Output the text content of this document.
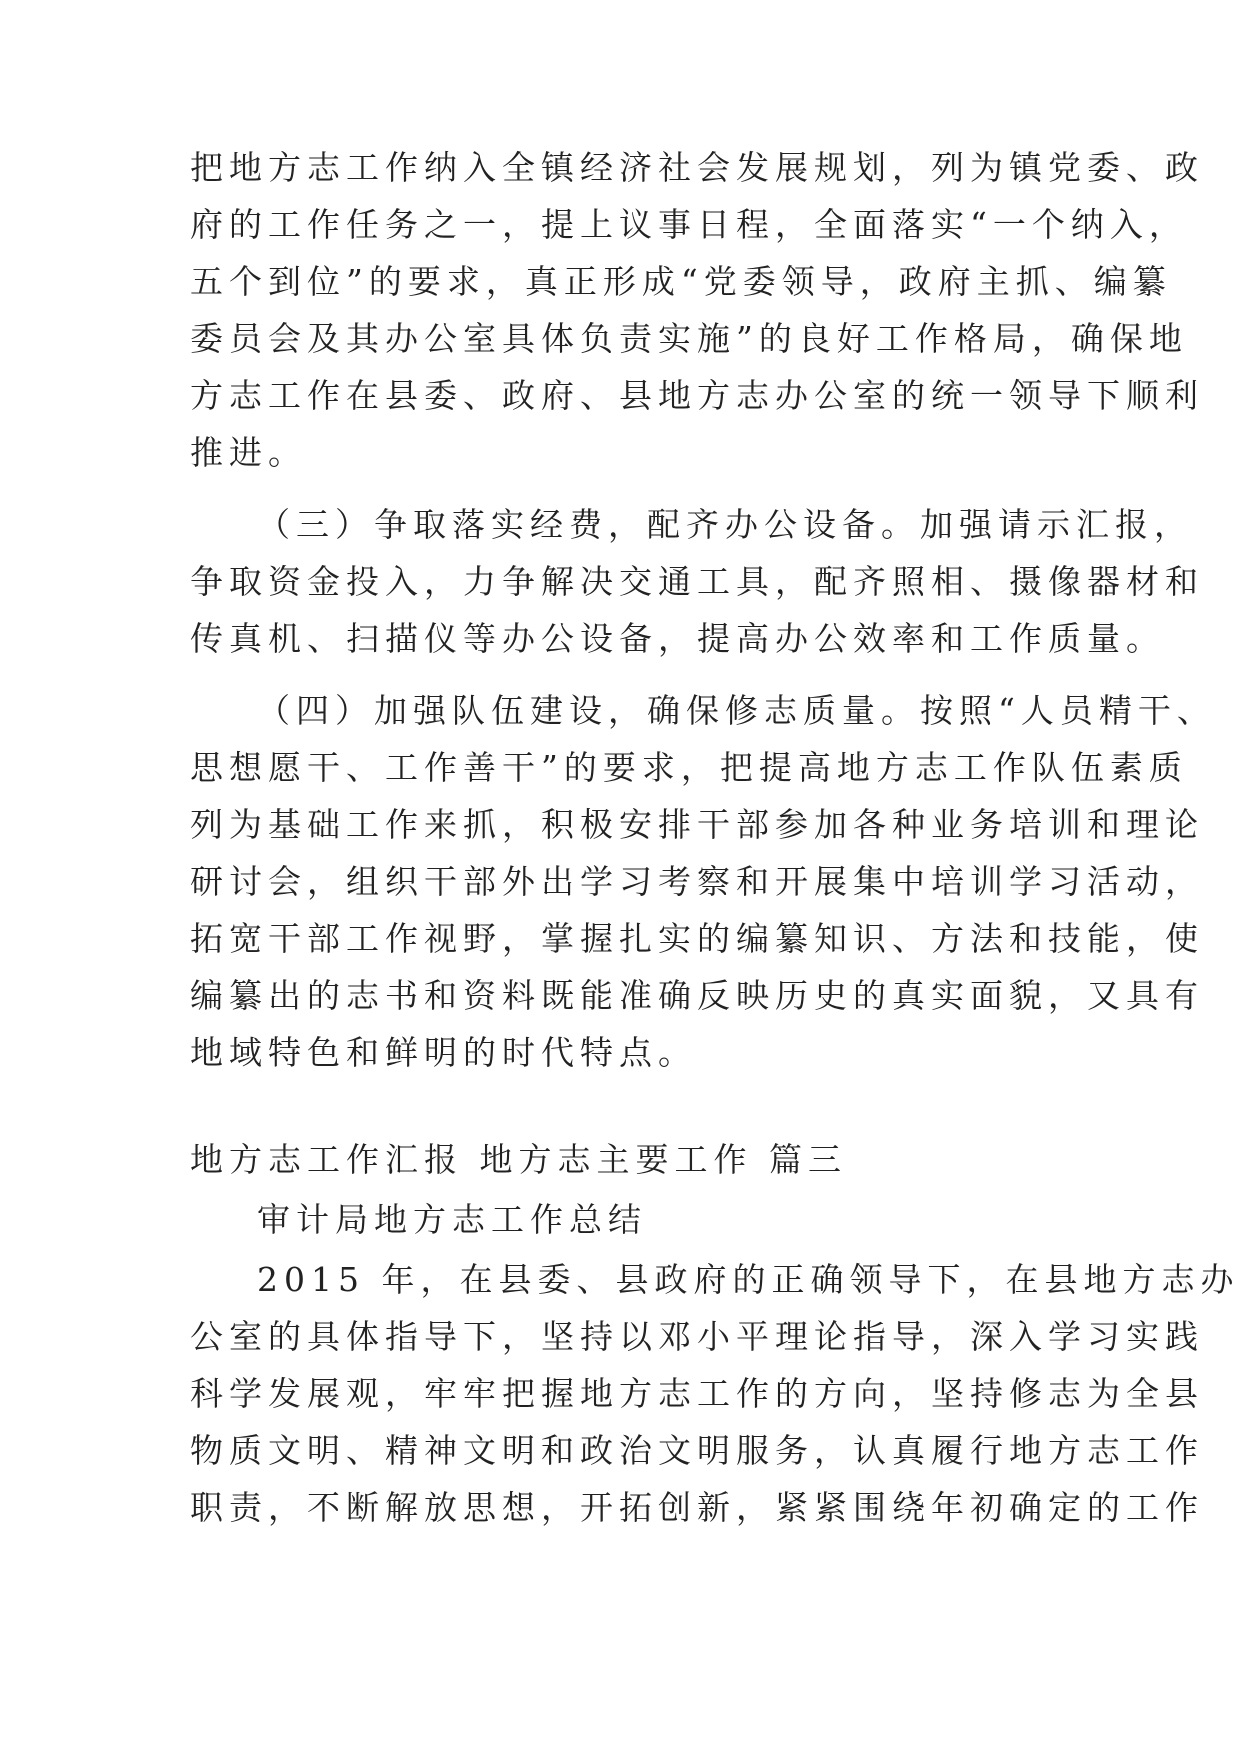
把地方志工作纳入全镇经济社会发展规划，列为镇党委、政
府的工作任务之一，提上议事日程，全面落实“一个纳入，
五个到位”的要求，真正形成“党委领导，政府主抓、编纂
委员会及其办公室具体负责实施”的良好工作格局，确保地
方志工作在县委、政府、县地方志办公室的统一领导下顺利
推进。
（三）争取落实经费，配齐办公设备。加强请示汇报，
争取资金投入，力争解决交通工具，配齐照相、摄像器材和
传真机、扫描仪等办公设备，提高办公效率和工作质量。
（四）加强队伍建设，确保修志质量。按照“人员精干、
思想愿干、工作善干”的要求，把提高地方志工作队伍素质
列为基础工作来抓，积极安排干部参加各种业务培训和理论
研讨会，组织干部外出学习考察和开展集中培训学习活动，
拓宽干部工作视野，掌握扎实的编纂知识、方法和技能，使
编纂出的志书和资料既能准确反映历史的真实面貌，又具有
地域特色和鲜明的时代特点。
地方志工作汇报 地方志主要工作 篇三
审计局地方志工作总结
2015 年，在县委、县政府的正确领导下，在县地方志办
公室的具体指导下，坚持以邓小平理论指导，深入学习实践
科学发展观，牢牢把握地方志工作的方向，坚持修志为全县
物质文明、精神文明和政治文明服务，认真履行地方志工作
职责，不断解放思想，开拓创新，紧紧围绕年初确定的工作
